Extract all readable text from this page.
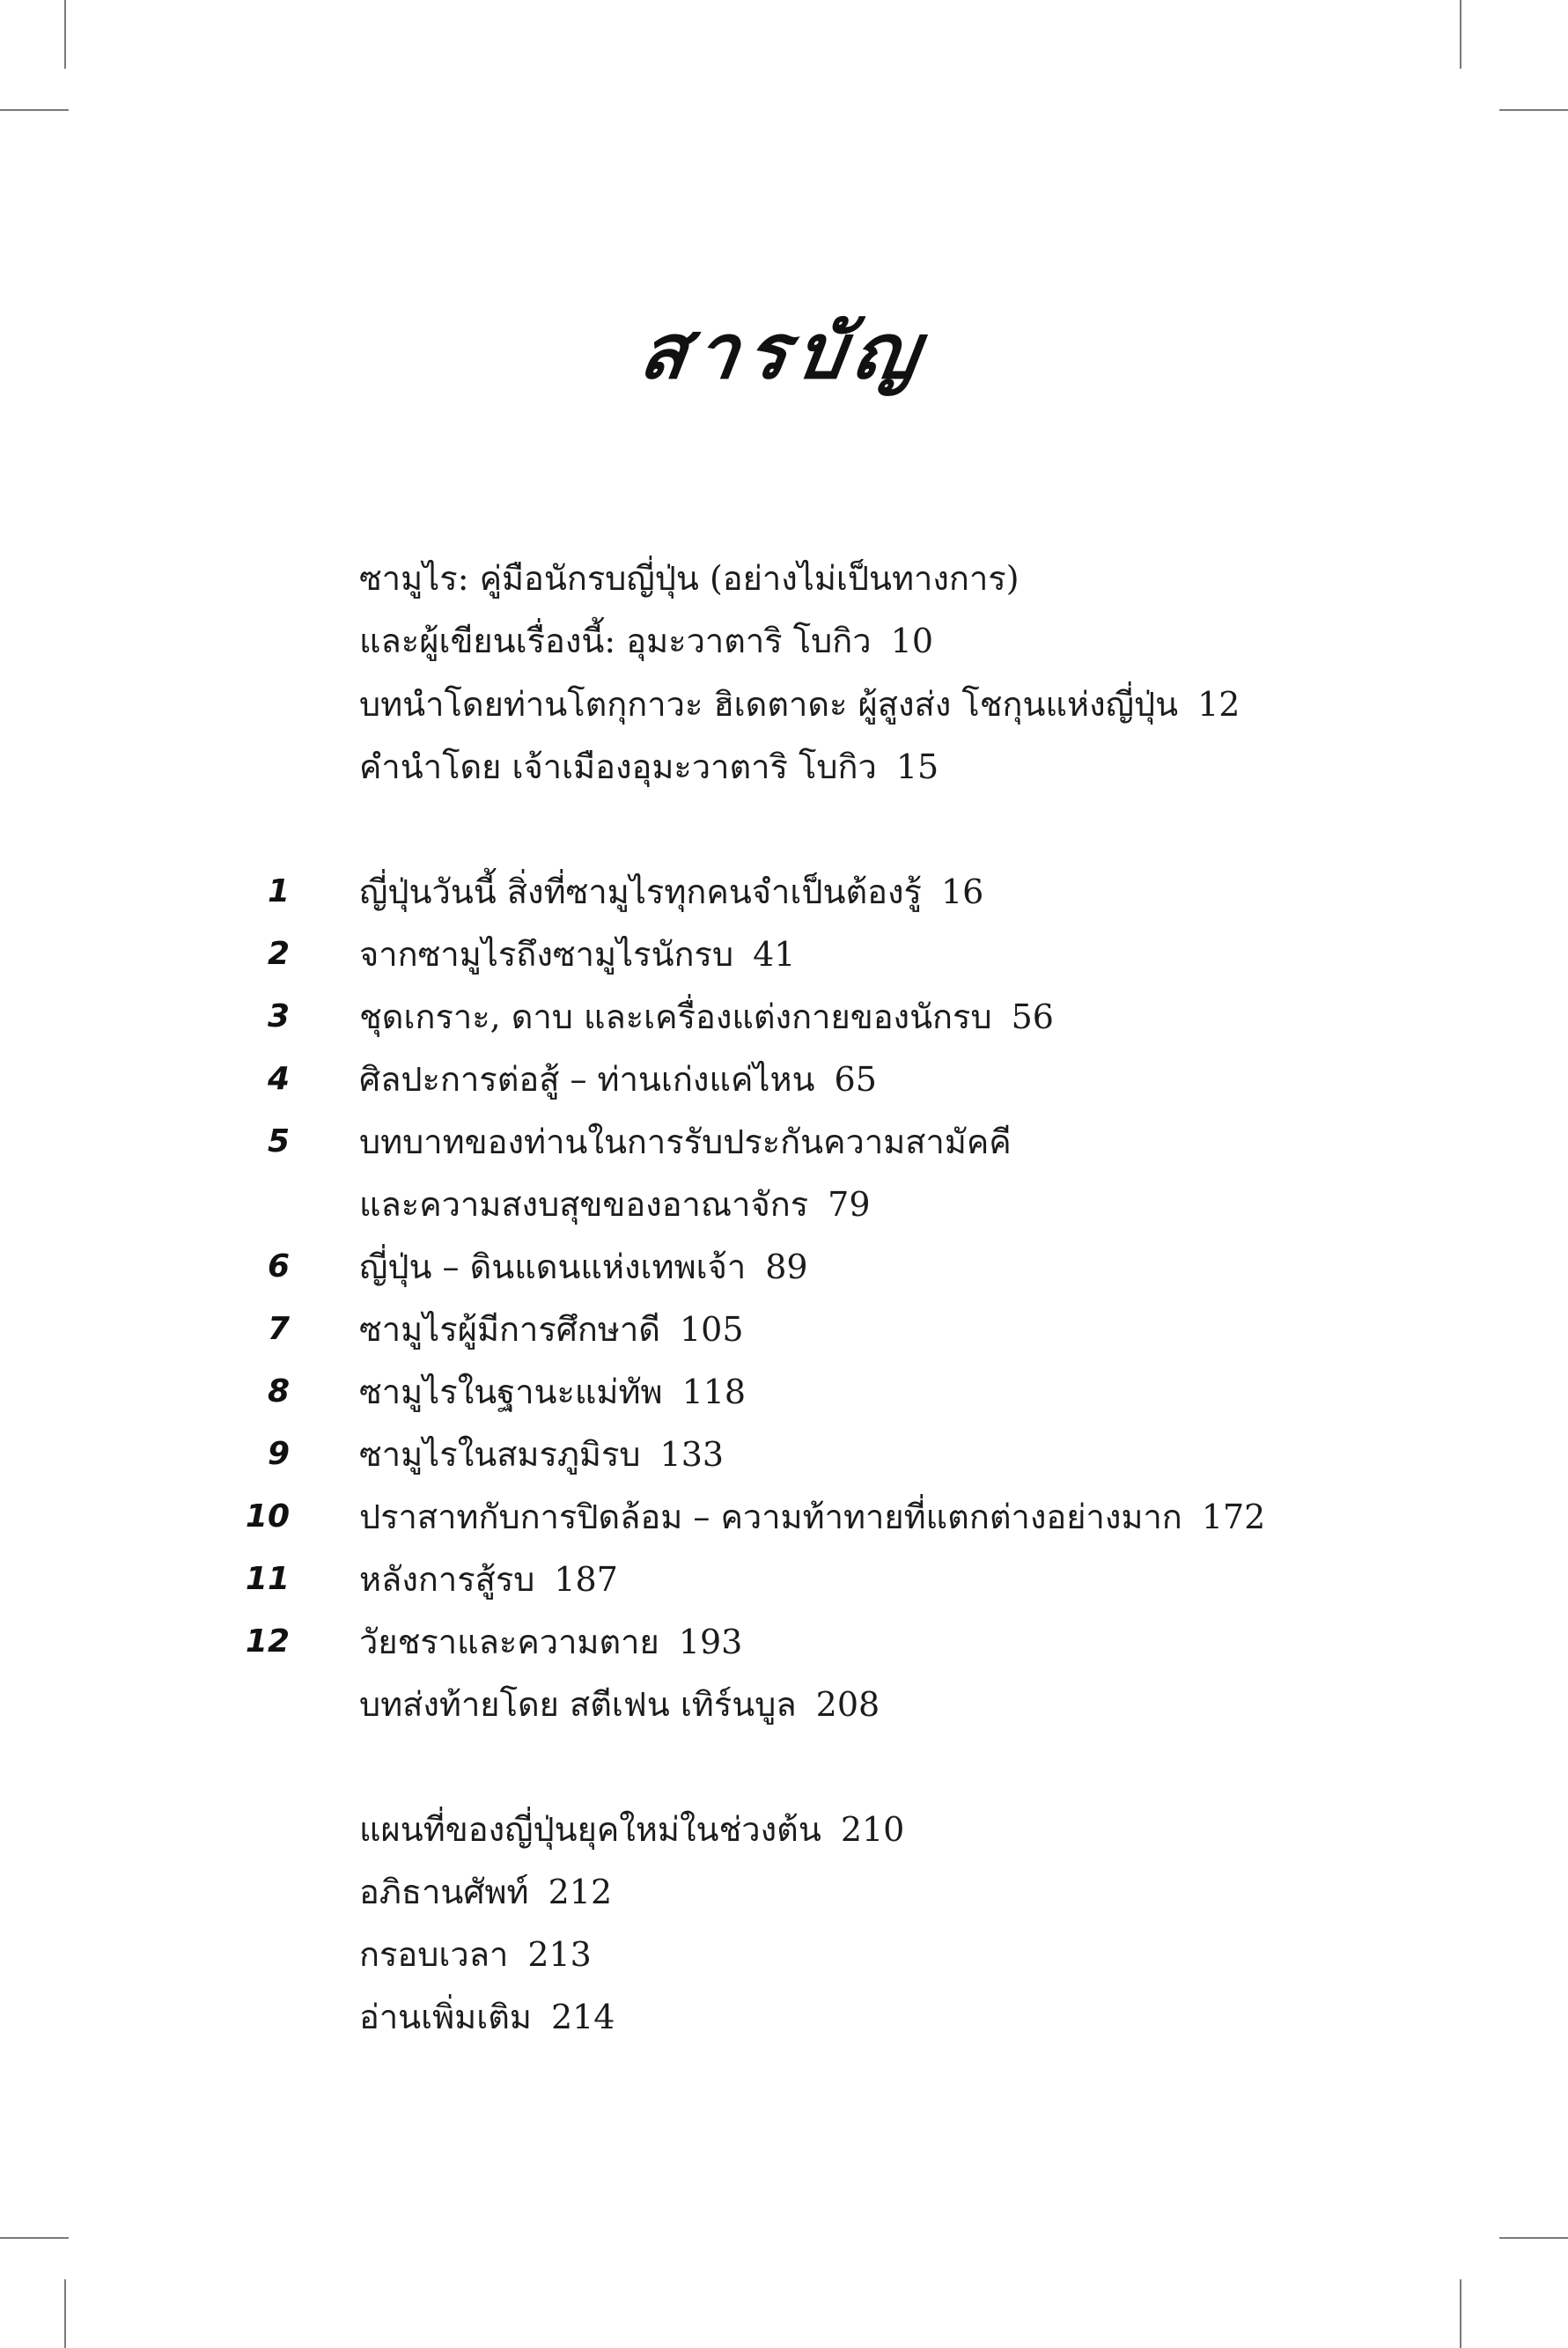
สารบัญ
ซามูไร: คู่มือนักรบญี่ปุ่น (อย่างไม่เป็นทางการ)
และผู้เขียนเรื่องนี้: อุมะวาตาริ โบกิว 10
บทนำโดยท่านโตกุกาวะ ฮิเดตาดะ ผู้สูงส่ง โชกุนแห่งญี่ปุ่น 12
คำนำโดย เจ้าเมืองอุมะวาตาริ โบกิว 15
1 ญี่ปุ่นวันนี้ สิ่งที่ซามูไรทุกคนจำเป็นต้องรู้ 16
2 จากซามูไรถึงซามูไรนักรบ 41
3 ชุดเกราะ, ดาบ และเครื่องแต่งกายของนักรบ 56
4 ศิลปะการต่อสู้ – ท่านเก่งแค่ไหน 65
5 บทบาทของท่านในการรับประกันความสามัคคี
และความสงบสุขของอาณาจักร 79
6 ญี่ปุ่น – ดินแดนแห่งเทพเจ้า 89
7 ซามูไรผู้มีการศึกษาดี 105
8 ซามูไรในฐานะแม่ทัพ 118
9 ซามูไรในสมรภูมิรบ 133
10 ปราสาทกับการปิดล้อม – ความท้าทายที่แตกต่างอย่างมาก 172
11 หลังการสู้รบ 187
12 วัยชราและความตาย 193
บทส่งท้ายโดย สตีเฟน เทิร์นบูล 208
แผนที่ของญี่ปุ่นยุคใหม่ในช่วงต้น 210
อภิธานศัพท์ 212
กรอบเวลา 213
อ่านเพิ่มเติม 214
